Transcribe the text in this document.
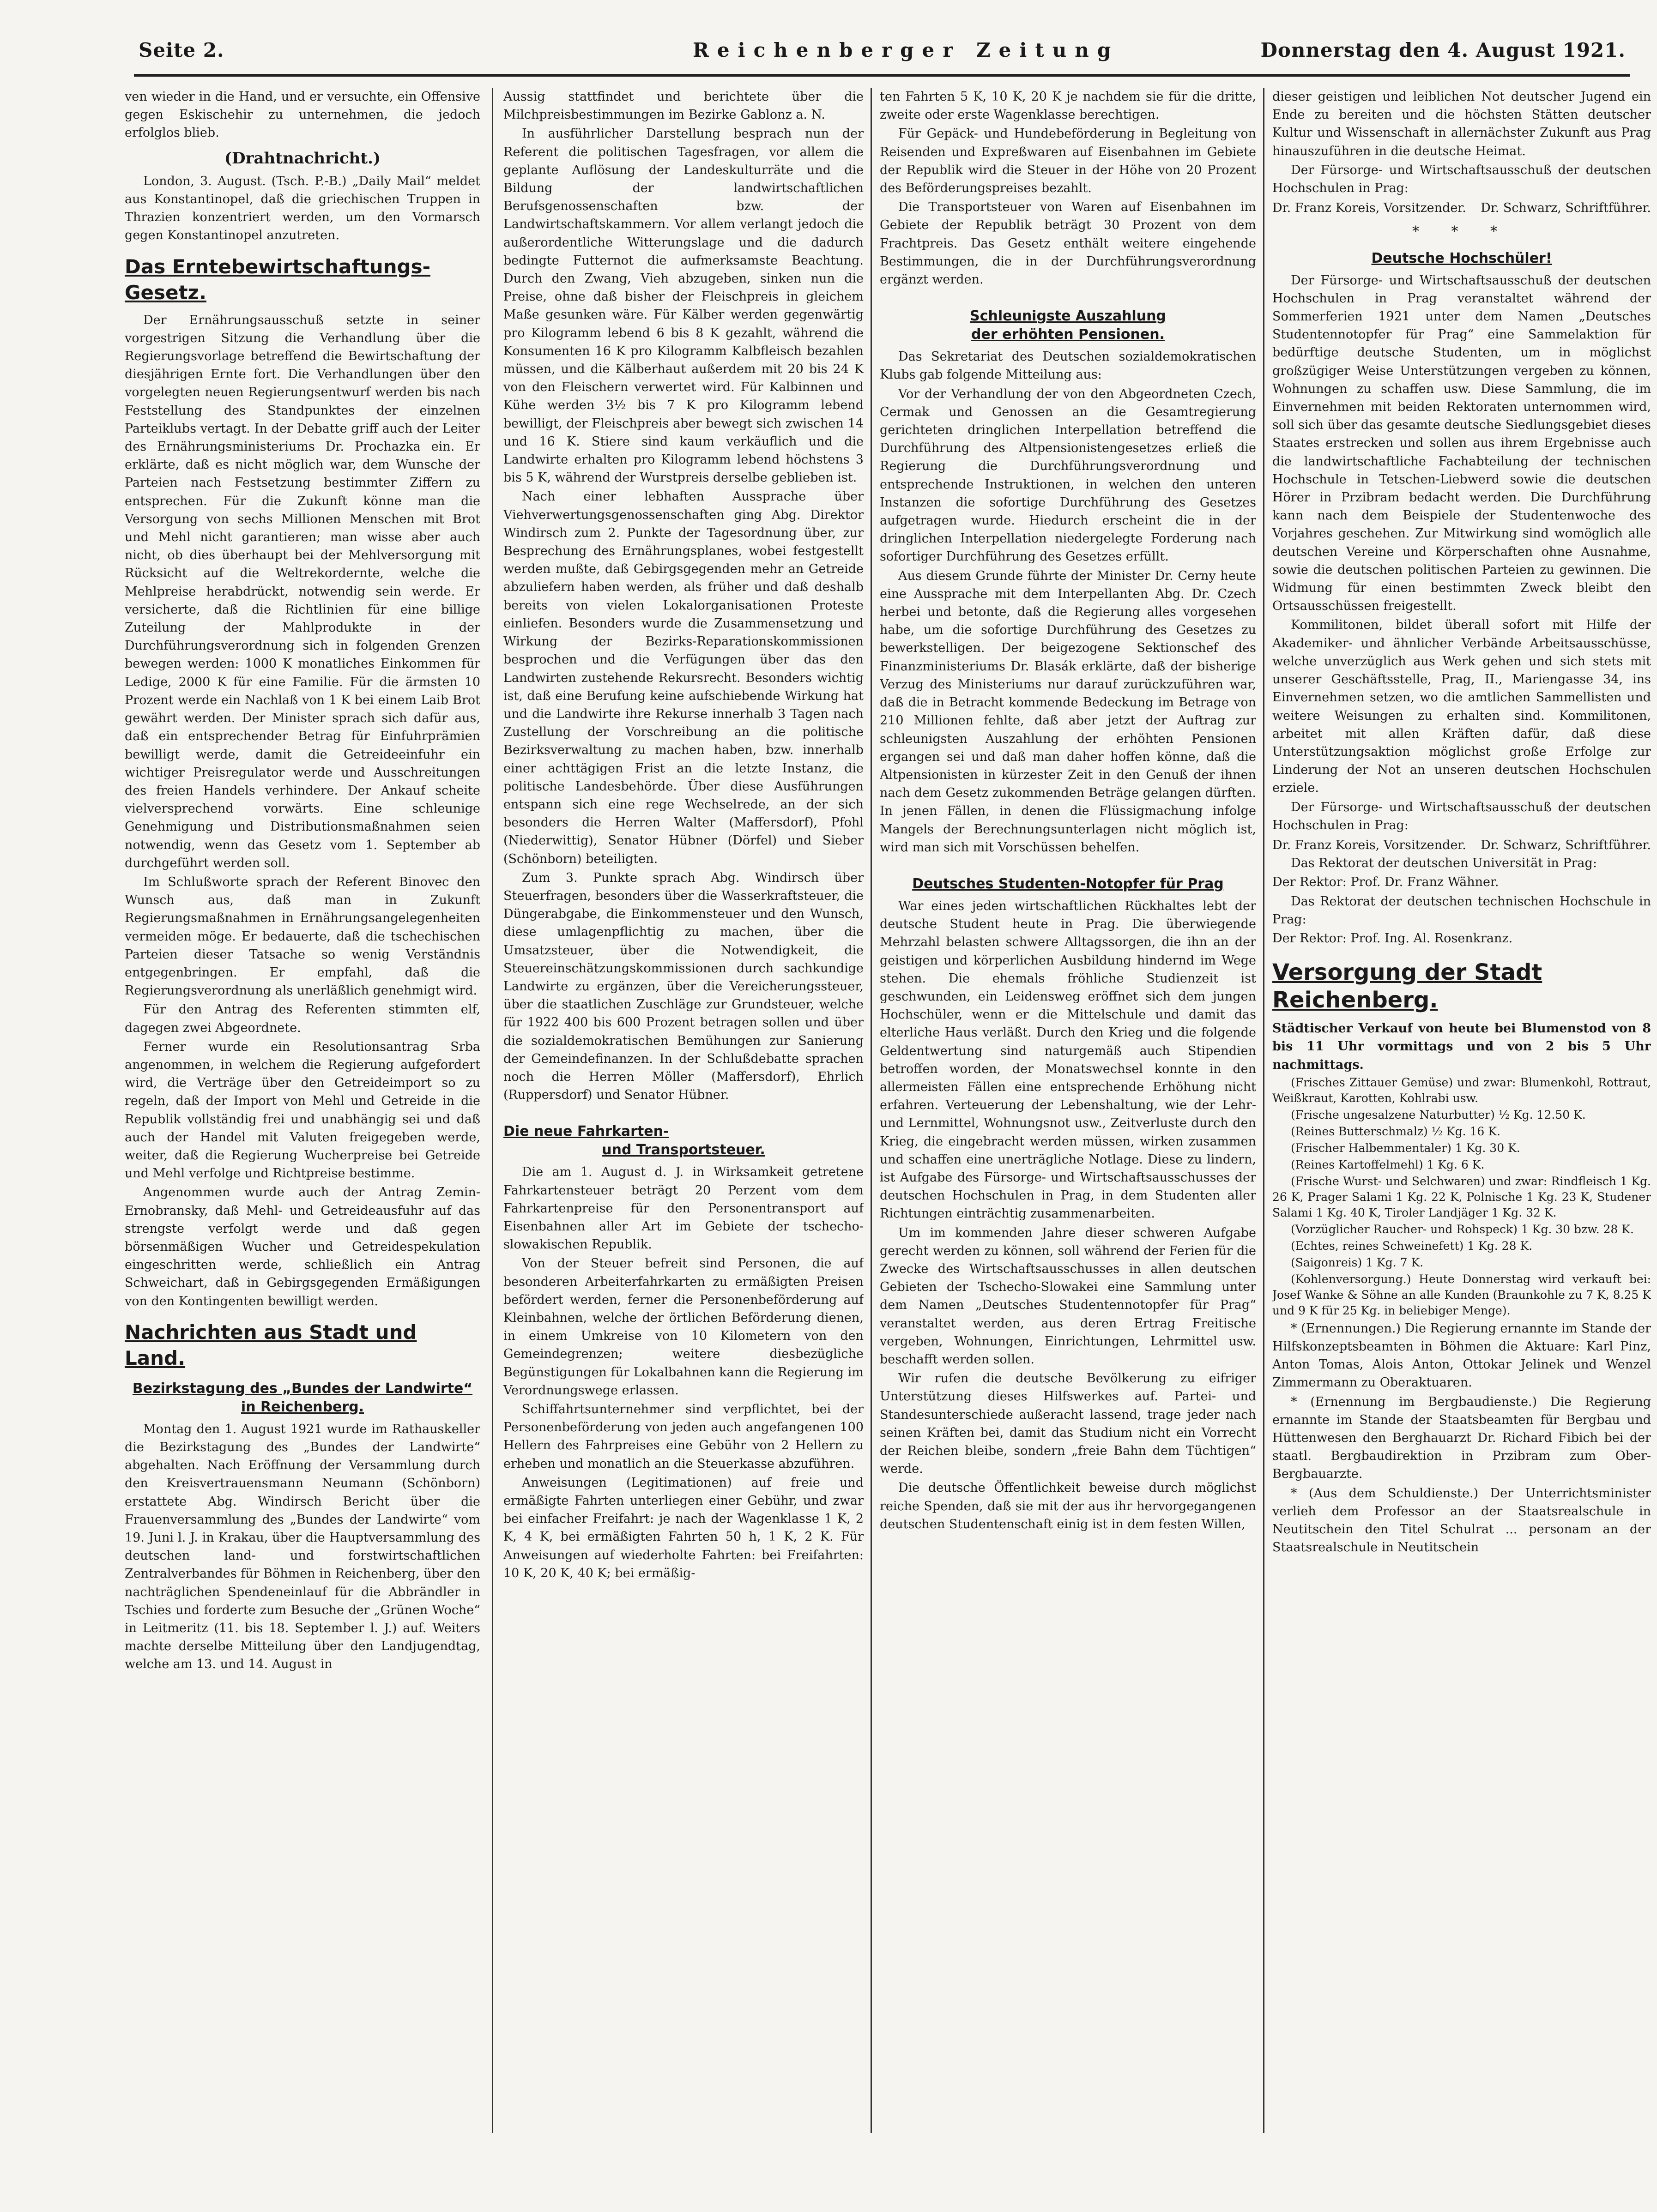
Seite 2.	Reichenberger Zeitung	Donnerstag den 4. August 1921.

ven wieder in die Hand, und er versuchte, ein Offensive gegen Eskischehir zu unternehmen, die jedoch erfolglos blieb.

(Drahtnachricht.)

London, 3. August. (Tsch. P.-B.) „Daily Mail“ meldet aus Konstantinopel, daß die griechischen Truppen in Thrazien konzentriert werden, um den Vormarsch gegen Konstantinopel anzutreten.

Das Erntebewirtschaftungs-Gesetz.

Der Ernährungsausschuß setzte in seiner vorgestrigen Sitzung die Verhandlung über die Regierungsvorlage betreffend die Bewirtschaftung der diesjährigen Ernte fort. Die Verhandlungen über den vorgelegten neuen Regierungsentwurf werden bis nach Feststellung des Standpunktes der einzelnen Parteiklubs vertagt. In der Debatte griff auch der Leiter des Ernährungsministeriums Dr. Prochazka ein. Er erklärte, daß es nicht möglich war, dem Wunsche der Parteien nach Festsetzung bestimmter Ziffern zu entsprechen. Für die Zukunft könne man die Versorgung von sechs Millionen Menschen mit Brot und Mehl nicht garantieren; man wisse aber auch nicht, ob dies überhaupt bei der Mehlversorgung mit Rücksicht auf die Weltrekordernte, welche die Mehlpreise herabdrückt, notwendig sein werde. Er versicherte, daß die Richtlinien für eine billige Zuteilung der Mahlprodukte in der Durchführungsverordnung sich in folgenden Grenzen bewegen werden: 1000 K monatliches Einkommen für Ledige, 2000 K für eine Familie. Für die ärmsten 10 Prozent werde ein Nachlaß von 1 K bei einem Laib Brot gewährt werden. Der Minister sprach sich dafür aus, daß ein entsprechender Betrag für Einfuhrprämien bewilligt werde, damit die Getreideeinfuhr ein wichtiger Preisregulator werde und Ausschreitungen des freien Handels verhindere. Der Ankauf scheite vielversprechend vorwärts. Eine schleunige Genehmigung und Distributionsmaßnahmen seien notwendig, wenn das Gesetz vom 1. September ab durchgeführt werden soll.

Im Schlußworte sprach der Referent Binovec den Wunsch aus, daß man in Zukunft Regierungsmaßnahmen in Ernährungsangelegenheiten vermeiden möge. Er bedauerte, daß die tschechischen Parteien dieser Tatsache so wenig Verständnis entgegenbringen. Er empfahl, daß die Regierungsverordnung als unerläßlich genehmigt wird.

Für den Antrag des Referenten stimmten elf, dagegen zwei Abgeordnete.

Ferner wurde ein Resolutionsantrag Srba angenommen, in welchem die Regierung aufgefordert wird, die Verträge über den Getreideimport so zu regeln, daß der Import von Mehl und Getreide in die Republik vollständig frei und unabhängig sei und daß auch der Handel mit Valuten freigegeben werde, weiter, daß die Regierung Wucherpreise bei Getreide und Mehl verfolge und Richtpreise bestimme.

Angenommen wurde auch der Antrag Zemin-Ernobransky, daß Mehl- und Getreideausfuhr auf das strengste verfolgt werde und daß gegen börsenmäßigen Wucher und Getreidespekulation eingeschritten werde, schließlich ein Antrag Schweichart, daß in Gebirgsgegenden Ermäßigungen von den Kontingenten bewilligt werden.

Nachrichten aus Stadt und Land.
Bezirkstagung des „Bundes der Landwirte“ in Reichenberg.

Montag den 1. August 1921 wurde im Rathauskeller die Bezirkstagung des „Bundes der Landwirte“ abgehalten. Nach Eröffnung der Versammlung durch den Kreisvertrauensmann Neumann (Schönborn) erstattete Abg. Windirsch Bericht über die Frauenversammlung des „Bundes der Landwirte“ vom 19. Juni l. J. in Krakau, über die Hauptversammlung des deutschen land- und forstwirtschaftlichen Zentralverbandes für Böhmen in Reichenberg, über den nachträglichen Spendeneinlauf für die Abbrändler in Tschies und forderte zum Besuche der „Grünen Woche“ in Leitmeritz (11. bis 18. September l. J.) auf. Weiters machte derselbe Mitteilung über den Landjugendtag, welche am 13. und 14. August in

Aussig stattfindet und berichtete über die Milchpreisbestimmungen im Bezirke Gablonz a. N.

In ausführlicher Darstellung besprach nun der Referent die politischen Tagesfragen, vor allem die geplante Auflösung der Landeskulturräte und die Bildung der landwirtschaftlichen Berufsgenossenschaften bzw. der Landwirtschaftskammern. Vor allem verlangt jedoch die außerordentliche Witterungslage und die dadurch bedingte Futternot die aufmerksamste Beachtung. Durch den Zwang, Vieh abzugeben, sinken nun die Preise, ohne daß bisher der Fleischpreis in gleichem Maße gesunken wäre. Für Kälber werden gegenwärtig pro Kilogramm lebend 6 bis 8 K gezahlt, während die Konsumenten 16 K pro Kilogramm Kalbfleisch bezahlen müssen, und die Kälberhaut außerdem mit 20 bis 24 K von den Fleischern verwertet wird. Für Kalbinnen und Kühe werden 3½ bis 7 K pro Kilogramm lebend bewilligt, der Fleischpreis aber bewegt sich zwischen 14 und 16 K. Stiere sind kaum verkäuflich und die Landwirte erhalten pro Kilogramm lebend höchstens 3 bis 5 K, während der Wurstpreis derselbe geblieben ist.

Nach einer lebhaften Aussprache über Viehverwertungsgenossenschaften ging Abg. Direktor Windirsch zum 2. Punkte der Tagesordnung über, zur Besprechung des Ernährungsplanes, wobei festgestellt werden mußte, daß Gebirgsgegenden mehr an Getreide abzuliefern haben werden, als früher und daß deshalb bereits von vielen Lokalorganisationen Proteste einliefen. Besonders wurde die Zusammensetzung und Wirkung der Bezirks-Reparationskommissionen besprochen und die Verfügungen über das den Landwirten zustehende Rekursrecht. Besonders wichtig ist, daß eine Berufung keine aufschiebende Wirkung hat und die Landwirte ihre Rekurse innerhalb 3 Tagen nach Zustellung der Vorschreibung an die politische Bezirksverwaltung zu machen haben, bzw. innerhalb einer achttägigen Frist an die letzte Instanz, die politische Landesbehörde. Über diese Ausführungen entspann sich eine rege Wechselrede, an der sich besonders die Herren Walter (Maffersdorf), Pfohl (Niederwittig), Senator Hübner (Dörfel) und Sieber (Schönborn) beteiligten.

Zum 3. Punkte sprach Abg. Windirsch über Steuerfragen, besonders über die Wasserkraftsteuer, die Düngerabgabe, die Einkommensteuer und den Wunsch, diese umlagenpflichtig zu machen, über die Umsatzsteuer, über die Notwendigkeit, die Steuereinschätzungskommissionen durch sachkundige Landwirte zu ergänzen, über die Vereicherungssteuer, über die staatlichen Zuschläge zur Grundsteuer, welche für 1922 400 bis 600 Prozent betragen sollen und über die sozialdemokratischen Bemühungen zur Sanierung der Gemeindefinanzen. In der Schlußdebatte sprachen noch die Herren Möller (Maffersdorf), Ehrlich (Ruppersdorf) und Senator Hübner.

Die neue Fahrkarten-
und Transportsteuer.

Die am 1. August d. J. in Wirksamkeit getretene Fahrkartensteuer beträgt 20 Perzent vom dem Fahrkartenpreise für den Personentransport auf Eisenbahnen aller Art im Gebiete der tschecho-slowakischen Republik.

Von der Steuer befreit sind Personen, die auf besonderen Arbeiterfahrkarten zu ermäßigten Preisen befördert werden, ferner die Personenbeförderung auf Kleinbahnen, welche der örtlichen Beförderung dienen, in einem Umkreise von 10 Kilometern von den Gemeindegrenzen; weitere diesbezügliche Begünstigungen für Lokalbahnen kann die Regierung im Verordnungswege erlassen.

Schiffahrtsunternehmer sind verpflichtet, bei der Personenbeförderung von jeden auch angefangenen 100 Hellern des Fahrpreises eine Gebühr von 2 Hellern zu erheben und monatlich an die Steuerkasse abzuführen.

Anweisungen (Legitimationen) auf freie und ermäßigte Fahrten unterliegen einer Gebühr, und zwar bei einfacher Freifahrt: je nach der Wagenklasse 1 K, 2 K, 4 K, bei ermäßigten Fahrten 50 h, 1 K, 2 K. Für Anweisungen auf wiederholte Fahrten: bei Freifahrten: 10 K, 20 K, 40 K; bei ermäßig-

ten Fahrten 5 K, 10 K, 20 K je nachdem sie für die dritte, zweite oder erste Wagenklasse berechtigen.

Für Gepäck- und Hundebeförderung in Begleitung von Reisenden und Expreßwaren auf Eisenbahnen im Gebiete der Republik wird die Steuer in der Höhe von 20 Prozent des Beförderungspreises bezahlt.

Die Transportsteuer von Waren auf Eisenbahnen im Gebiete der Republik beträgt 30 Prozent von dem Frachtpreis. Das Gesetz enthält weitere eingehende Bestimmungen, die in der Durchführungsverordnung ergänzt werden.

Schleunigste Auszahlung
der erhöhten Pensionen.

Das Sekretariat des Deutschen sozialdemokratischen Klubs gab folgende Mitteilung aus:

Vor der Verhandlung der von den Abgeordneten Czech, Cermak und Genossen an die Gesamtregierung gerichteten dringlichen Interpellation betreffend die Durchführung des Altpensionistengesetzes erließ die Regierung die Durchführungsverordnung und entsprechende Instruktionen, in welchen den unteren Instanzen die sofortige Durchführung des Gesetzes aufgetragen wurde. Hiedurch erscheint die in der dringlichen Interpellation niedergelegte Forderung nach sofortiger Durchführung des Gesetzes erfüllt.

Aus diesem Grunde führte der Minister Dr. Cerny heute eine Aussprache mit dem Interpellanten Abg. Dr. Czech herbei und betonte, daß die Regierung alles vorgesehen habe, um die sofortige Durchführung des Gesetzes zu bewerkstelligen. Der beigezogene Sektionschef des Finanzministeriums Dr. Blasák erklärte, daß der bisherige Verzug des Ministeriums nur darauf zurückzuführen war, daß die in Betracht kommende Bedeckung im Betrage von 210 Millionen fehlte, daß aber jetzt der Auftrag zur schleunigsten Auszahlung der erhöhten Pensionen ergangen sei und daß man daher hoffen könne, daß die Altpensionisten in kürzester Zeit in den Genuß der ihnen nach dem Gesetz zukommenden Beträge gelangen dürften. In jenen Fällen, in denen die Flüssigmachung infolge Mangels der Berechnungsunterlagen nicht möglich ist, wird man sich mit Vorschüssen behelfen.

Deutsches Studenten-Notopfer für Prag

War eines jeden wirtschaftlichen Rückhaltes lebt der deutsche Student heute in Prag. Die überwiegende Mehrzahl belasten schwere Alltagssorgen, die ihn an der geistigen und körperlichen Ausbildung hindernd im Wege stehen. Die ehemals fröhliche Studienzeit ist geschwunden, ein Leidensweg eröffnet sich dem jungen Hochschüler, wenn er die Mittelschule und damit das elterliche Haus verläßt. Durch den Krieg und die folgende Geldentwertung sind naturgemäß auch Stipendien betroffen worden, der Monatswechsel konnte in den allermeisten Fällen eine entsprechende Erhöhung nicht erfahren. Verteuerung der Lebenshaltung, wie der Lehr- und Lernmittel, Wohnungsnot usw., Zeitverluste durch den Krieg, die eingebracht werden müssen, wirken zusammen und schaffen eine unerträgliche Notlage. Diese zu lindern, ist Aufgabe des Fürsorge- und Wirtschaftsausschusses der deutschen Hochschulen in Prag, in dem Studenten aller Richtungen einträchtig zusammenarbeiten.

Um im kommenden Jahre dieser schweren Aufgabe gerecht werden zu können, soll während der Ferien für die Zwecke des Wirtschaftsausschusses in allen deutschen Gebieten der Tschecho-Slowakei eine Sammlung unter dem Namen „Deutsches Studentennotopfer für Prag“ veranstaltet werden, aus deren Ertrag Freitische vergeben, Wohnungen, Einrichtungen, Lehrmittel usw. beschafft werden sollen.

Wir rufen die deutsche Bevölkerung zu eifriger Unterstützung dieses Hilfswerkes auf. Partei- und Standesunterschiede außeracht lassend, trage jeder nach seinen Kräften bei, damit das Studium nicht ein Vorrecht der Reichen bleibe, sondern „freie Bahn dem Tüchtigen“ werde.

Die deutsche Öffentlichkeit beweise durch möglichst reiche Spenden, daß sie mit der aus ihr hervorgegangenen deutschen Studentenschaft einig ist in dem festen Willen,

dieser geistigen und leiblichen Not deutscher Jugend ein Ende zu bereiten und die höchsten Stätten deutscher Kultur und Wissenschaft in allernächster Zukunft aus Prag hinauszuführen in die deutsche Heimat.

Der Fürsorge- und Wirtschaftsausschuß der deutschen Hochschulen in Prag:

Dr. Franz Koreis, Vorsitzender. Dr. Schwarz, Schriftführer.
* * *
Deutsche Hochschüler!

Der Fürsorge- und Wirtschaftsausschuß der deutschen Hochschulen in Prag veranstaltet während der Sommerferien 1921 unter dem Namen „Deutsches Studentennotopfer für Prag“ eine Sammelaktion für bedürftige deutsche Studenten, um in möglichst großzügiger Weise Unterstützungen vergeben zu können, Wohnungen zu schaffen usw. Diese Sammlung, die im Einvernehmen mit beiden Rektoraten unternommen wird, soll sich über das gesamte deutsche Siedlungsgebiet dieses Staates erstrecken und sollen aus ihrem Ergebnisse auch die landwirtschaftliche Fachabteilung der technischen Hochschule in Tetschen-Liebwerd sowie die deutschen Hörer in Przibram bedacht werden. Die Durchführung kann nach dem Beispiele der Studentenwoche des Vorjahres geschehen. Zur Mitwirkung sind womöglich alle deutschen Vereine und Körperschaften ohne Ausnahme, sowie die deutschen politischen Parteien zu gewinnen. Die Widmung für einen bestimmten Zweck bleibt den Ortsausschüssen freigestellt.

Kommilitonen, bildet überall sofort mit Hilfe der Akademiker- und ähnlicher Verbände Arbeitsausschüsse, welche unverzüglich aus Werk gehen und sich stets mit unserer Geschäftsstelle, Prag, II., Mariengasse 34, ins Einvernehmen setzen, wo die amtlichen Sammellisten und weitere Weisungen zu erhalten sind. Kommilitonen, arbeitet mit allen Kräften dafür, daß diese Unterstützungsaktion möglichst große Erfolge zur Linderung der Not an unseren deutschen Hochschulen erziele.

Der Fürsorge- und Wirtschaftsausschuß der deutschen Hochschulen in Prag:

Dr. Franz Koreis, Vorsitzender. Dr. Schwarz, Schriftführer.

Das Rektorat der deutschen Universität in Prag:

Der Rektor: Prof. Dr. Franz Wähner.

Das Rektorat der deutschen technischen Hochschule in Prag:

Der Rektor: Prof. Ing. Al. Rosenkranz.

Versorgung der Stadt Reichenberg.

Städtischer Verkauf von heute bei Blumenstod von 8 bis 11 Uhr vormittags und von 2 bis 5 Uhr nachmittags.

(Frisches Zittauer Gemüse) und zwar: Blumenkohl, Rottraut, Weißkraut, Karotten, Kohlrabi usw.

(Frische ungesalzene Naturbutter) ½ Kg. 12.50 K.

(Reines Butterschmalz) ½ Kg. 16 K.

(Frischer Halbemmentaler) 1 Kg. 30 K.

(Reines Kartoffelmehl) 1 Kg. 6 K.

(Frische Wurst- und Selchwaren) und zwar: Rindfleisch 1 Kg. 26 K, Prager Salami 1 Kg. 22 K, Polnische 1 Kg. 23 K, Studener Salami 1 Kg. 40 K, Tiroler Landjäger 1 Kg. 32 K.

(Vorzüglicher Raucher- und Rohspeck) 1 Kg. 30 bzw. 28 K.

(Echtes, reines Schweinefett) 1 Kg. 28 K.

(Saigonreis) 1 Kg. 7 K.

(Kohlenversorgung.) Heute Donnerstag wird verkauft bei: Josef Wanke & Söhne an alle Kunden (Braunkohle zu 7 K, 8.25 K und 9 K für 25 Kg. in beliebiger Menge).

* (Ernennungen.) Die Regierung ernannte im Stande der Hilfskonzeptsbeamten in Böhmen die Aktuare: Karl Pinz, Anton Tomas, Alois Anton, Ottokar Jelinek und Wenzel Zimmermann zu Oberaktuaren.

* (Ernennung im Bergbaudienste.) Die Regierung ernannte im Stande der Staatsbeamten für Bergbau und Hüttenwesen den Berghauarzt Dr. Richard Fibich bei der staatl. Bergbaudirektion in Przibram zum Ober-Bergbauarzte.

* (Aus dem Schuldienste.) Der Unterrichtsminister verlieh dem Professor an der Staatsrealschule in Neutitschein den Titel Schulrat ... personam an der Staatsrealschule in Neutitschein
